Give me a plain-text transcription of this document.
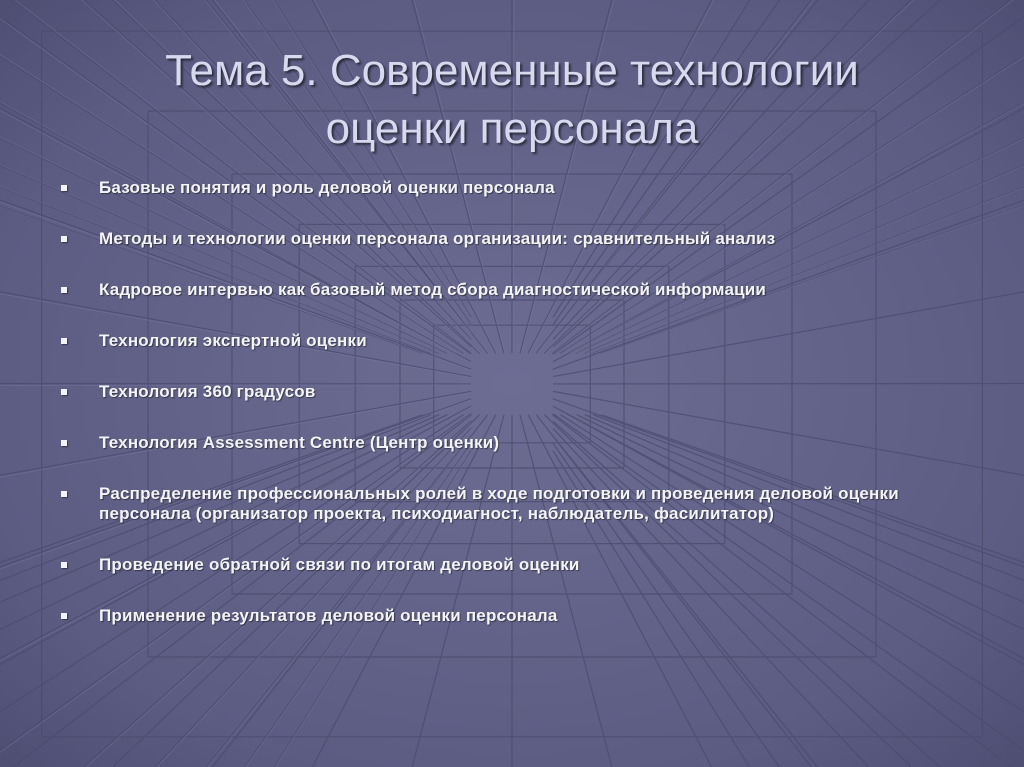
Тема 5. Современные технологии
оценки персонала
Базовые понятия и роль деловой оценки персонала
Методы и технологии оценки персонала организации: сравнительный анализ
Кадровое интервью как базовый метод сбора диагностической информации
Технология экспертной оценки
Технология 360 градусов
Технология Assessment Centre (Центр оценки)
Распределение профессиональных ролей в ходе подготовки и проведения деловой оценки персонала (организатор проекта, психодиагност, наблюдатель, фасилитатор)
Проведение обратной связи по итогам деловой оценки
Применение результатов деловой оценки персонала
